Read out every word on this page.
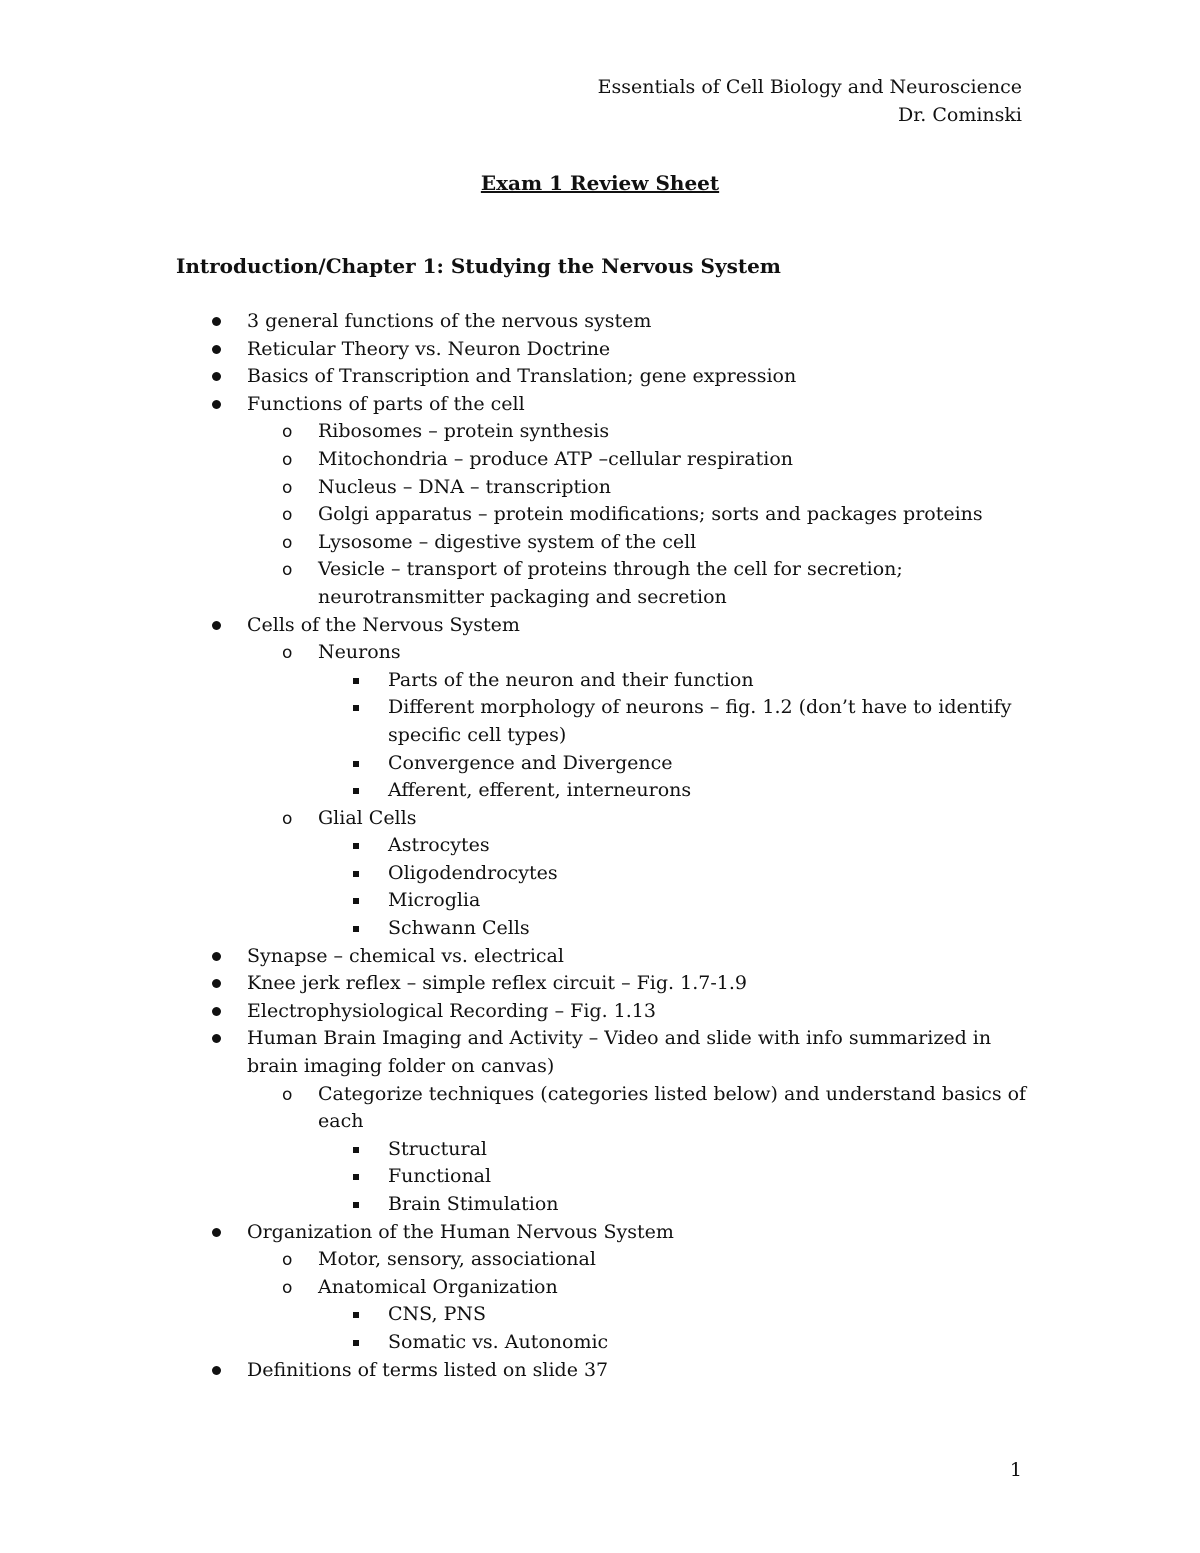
Essentials of Cell Biology and Neuroscience
Dr. Cominski
Exam 1 Review Sheet
Introduction/Chapter 1: Studying the Nervous System
3 general functions of the nervous system
Reticular Theory vs. Neuron Doctrine
Basics of Transcription and Translation; gene expression
Functions of parts of the cell
o Ribosomes – protein synthesis
o Mitochondria – produce ATP –cellular respiration
o Nucleus – DNA – transcription
o Golgi apparatus – protein modifications; sorts and packages proteins
o Lysosome – digestive system of the cell
o Vesicle – transport of proteins through the cell for secretion; neurotransmitter packaging and secretion
Cells of the Nervous System
o Neurons
Parts of the neuron and their function
Different morphology of neurons – fig. 1.2 (don’t have to identify specific cell types)
Convergence and Divergence
Afferent, efferent, interneurons
o Glial Cells
Astrocytes
Oligodendrocytes
Microglia
Schwann Cells
Synapse – chemical vs. electrical
Knee jerk reflex – simple reflex circuit – Fig. 1.7-1.9
Electrophysiological Recording – Fig. 1.13
Human Brain Imaging and Activity – Video and slide with info summarized in brain imaging folder on canvas)
o Categorize techniques (categories listed below) and understand basics of each
Structural
Functional
Brain Stimulation
Organization of the Human Nervous System
o Motor, sensory, associational
o Anatomical Organization
CNS, PNS
Somatic vs. Autonomic
Definitions of terms listed on slide 37
1
